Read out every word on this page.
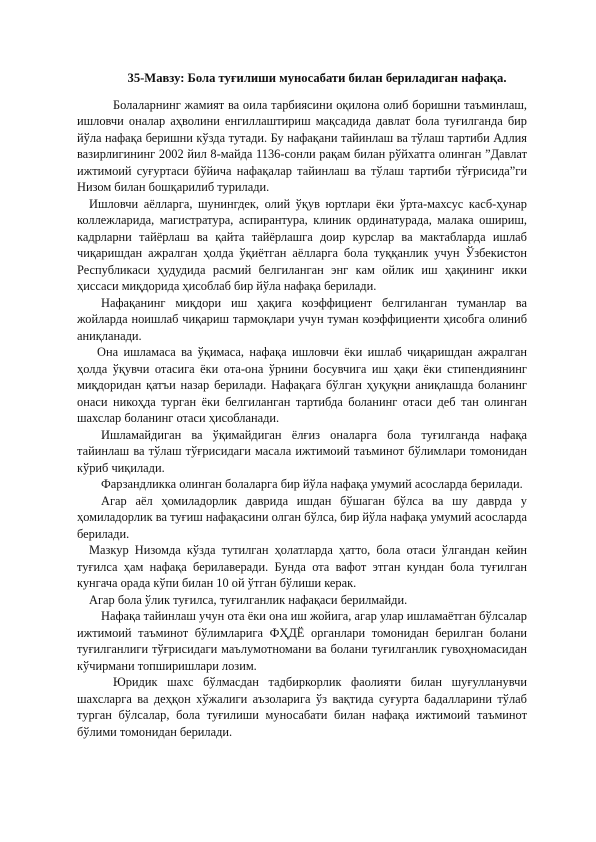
35-Мавзу: Бола туғилиши муносабати билан бериладиган нафақа.

Болаларнинг жамият ва оила тарбиясини оқилона олиб боришни таъминлаш, ишловчи оналар аҳволини енгиллаштириш мақсадида давлат бола туғилганда бир йўла нафақа беришни кўзда тутади. Бу нафақани тайинлаш ва тўлаш тартиби Адлия вазирлигининг 2002 йил 8-майда 1136-сонли рақам билан рўйхатга олинган ”Давлат ижтимоий суғуртаси бўйича нафақалар тайинлаш ва тўлаш тартиби тўғрисида”ги Низом билан бошқарилиб турилади.

Ишловчи аёлларга, шунингдек, олий ўқув юртлари ёки ўрта-махсус касб-ҳунар коллежларида, магистратура, аспирантура, клиник ординатурада, малака ошириш, кадрларни тайёрлаш ва қайта тайёрлашга доир курслар ва мактабларда ишлаб чиқаришдан ажралган ҳолда ўқиётган аёлларга бола туққанлик учун Ўзбекистон Республикаси ҳудудида расмий белгиланган энг кам ойлик иш ҳақининг икки ҳиссаси миқдорида ҳисоблаб бир йўла нафақа берилади.

Нафақанинг миқдори иш ҳақига коэффициент белгиланган туманлар ва жойларда ноишлаб чиқариш тармоқлари учун туман коэффициенти ҳисобга олиниб аниқланади.

Она ишламаса ва ўқимаса, нафақа ишловчи ёки ишлаб чиқаришдан ажралган ҳолда ўқувчи отасига ёки ота-она ўрнини босувчига иш ҳақи ёки стипендиянинг миқдоридан қатъи назар берилади. Нафақага бўлган ҳуқуқни аниқлашда боланинг онаси никоҳда турган ёки белгиланган тартибда боланинг отаси деб тан олинган шахслар боланинг отаси ҳисобланади.

Ишламайдиган ва ўқимайдиган ёлғиз оналарга бола туғилганда нафақа тайинлаш ва тўлаш тўғрисидаги масала ижтимоий таъминот бўлимлари томонидан кўриб чиқилади.

Фарзандликка олинган болаларга бир йўла нафақа умумий асосларда берилади.

Агар аёл ҳомиладорлик даврида ишдан бўшаган бўлса ва шу даврда у ҳомиладорлик ва туғиш нафақасини олган бўлса, бир йўла нафақа умумий асосларда берилади.

Мазкур Низомда кўзда тутилган ҳолатларда ҳатто, бола отаси ўлгандан кейин туғилса ҳам нафақа берилаверади. Бунда ота вафот этган кундан бола туғилган кунгача орада кўпи билан 10 ой ўтган бўлиши керак.

Агар бола ўлик туғилса, туғилганлик нафақаси берилмайди.

Нафақа тайинлаш учун ота ёки она иш жойига, агар улар ишламаётган бўлсалар ижтимоий таъминот бўлимларига ФҲДЁ органлари томонидан берилган болани туғилганлиги тўғрисидаги маълумотномани ва болани туғилганлик гувоҳномасидан кўчирмани топширишлари лозим.

Юридик шахс бўлмасдан тадбиркорлик фаолияти билан шуғулланувчи шахсларга ва деҳқон хўжалиги аъзоларига ўз вақтида суғурта бадалларини тўлаб турган бўлсалар, бола туғилиши муносабати билан нафақа ижтимоий таъминот бўлими томонидан берилади.
